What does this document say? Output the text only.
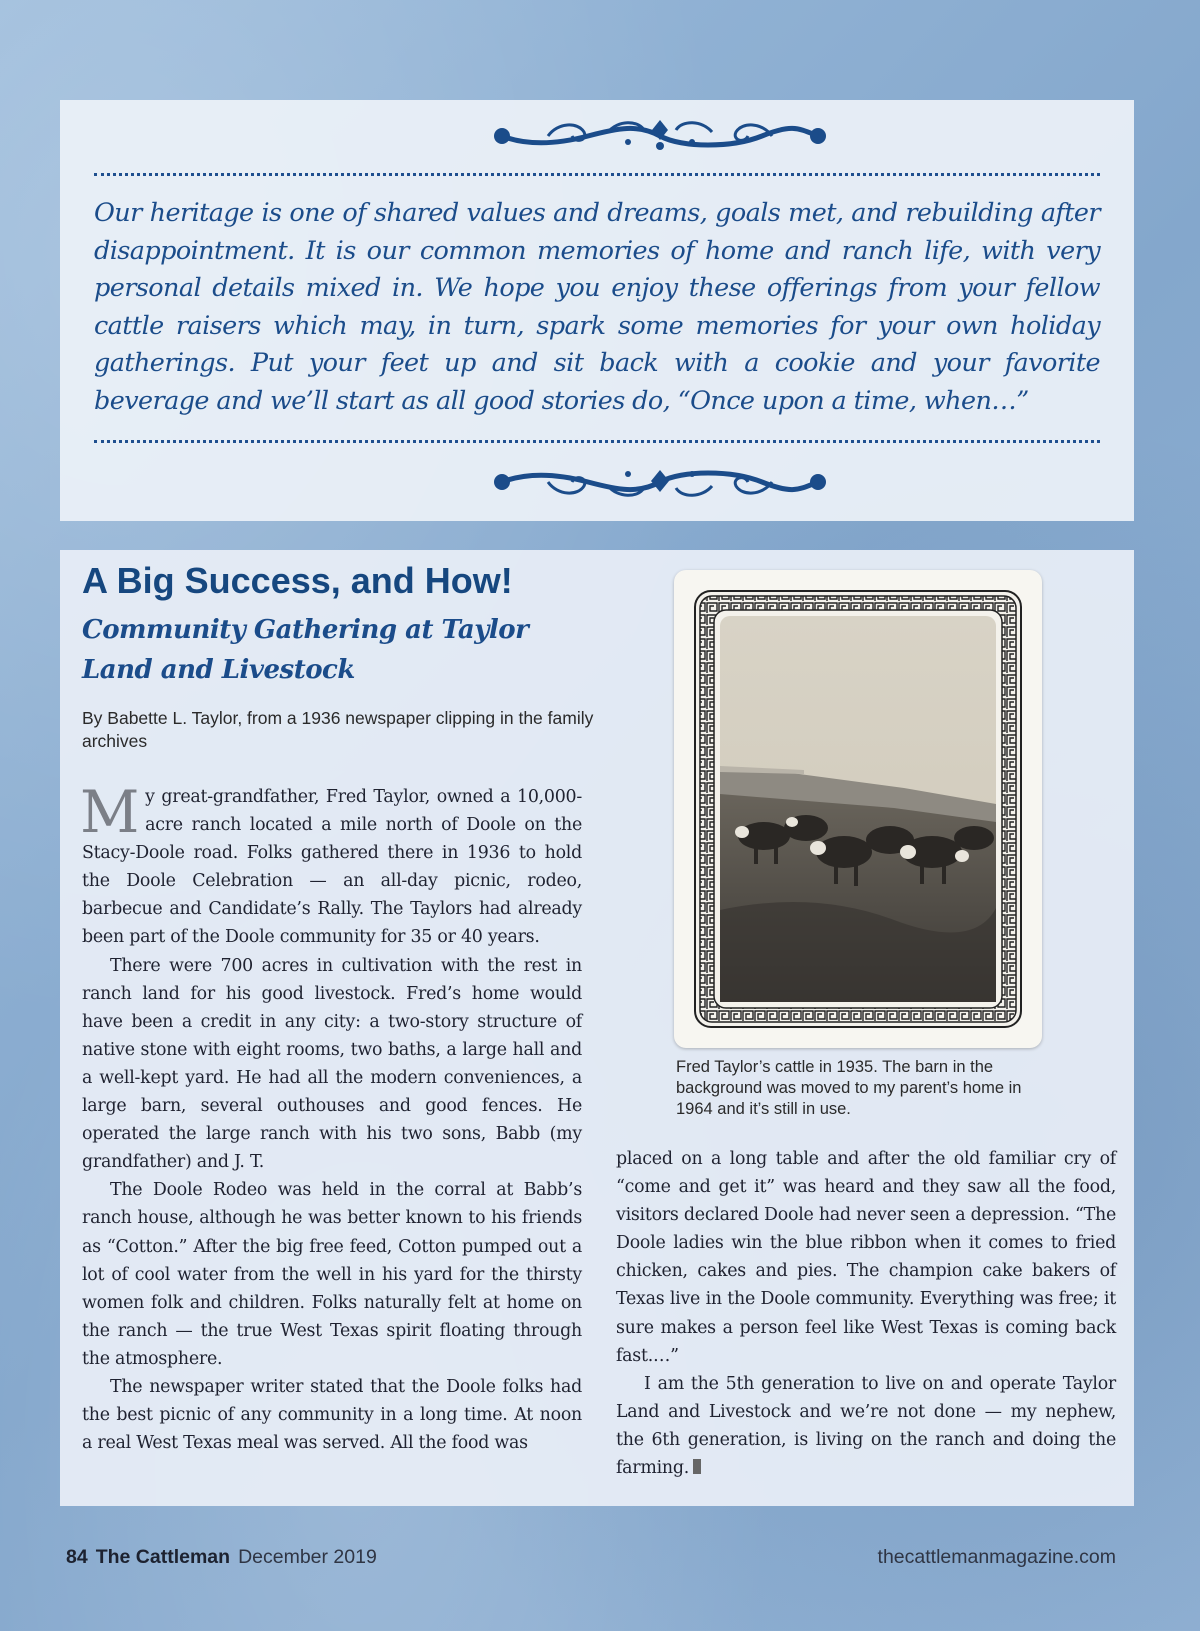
Our heritage is one of shared values and dreams, goals met, and rebuilding after disappointment. It is our common memories of home and ranch life, with very personal details mixed in. We hope you enjoy these offerings from your fellow cattle raisers which may, in turn, spark some memories for your own holiday gatherings. Put your feet up and sit back with a cookie and your favorite beverage and we’ll start as all good stories do, “Once upon a time, when…”

A Big Success, and How!
Community Gathering at Taylor Land and Livestock

By Babette L. Taylor, from a 1936 newspaper clipping in the family archives

My great-grandfather, Fred Taylor, owned a 10,000-acre ranch located a mile north of Doole on the Stacy-Doole road. Folks gathered there in 1936 to hold the Doole Celebration — an all-day picnic, rodeo, barbecue and Candidate’s Rally. The Taylors had already been part of the Doole community for 35 or 40 years.

There were 700 acres in cultivation with the rest in ranch land for his good livestock. Fred’s home would have been a credit in any city: a two-story structure of native stone with eight rooms, two baths, a large hall and a well-kept yard. He had all the modern conveniences, a large barn, several outhouses and good fences. He operated the large ranch with his two sons, Babb (my grandfather) and J. T.

The Doole Rodeo was held in the corral at Babb’s ranch house, although he was better known to his friends as “Cotton.” After the big free feed, Cotton pumped out a lot of cool water from the well in his yard for the thirsty women folk and children. Folks naturally felt at home on the ranch — the true West Texas spirit floating through the atmosphere.

The newspaper writer stated that the Doole folks had the best picnic of any community in a long time. At noon a real West Texas meal was served. All the food was

Fred Taylor’s cattle in 1935. The barn in the background was moved to my parent’s home in 1964 and it’s still in use.

placed on a long table and after the old familiar cry of “come and get it” was heard and they saw all the food, visitors declared Doole had never seen a depression. “The Doole ladies win the blue ribbon when it comes to fried chicken, cakes and pies. The champion cake bakers of Texas live in the Doole community. Everything was free; it sure makes a person feel like West Texas is coming back fast.…”

I am the 5th generation to live on and operate Taylor Land and Livestock and we’re not done — my nephew, the 6th generation, is living on the ranch and doing the farming.

84 The Cattleman December 2019	thecattlemanmagazine.com
